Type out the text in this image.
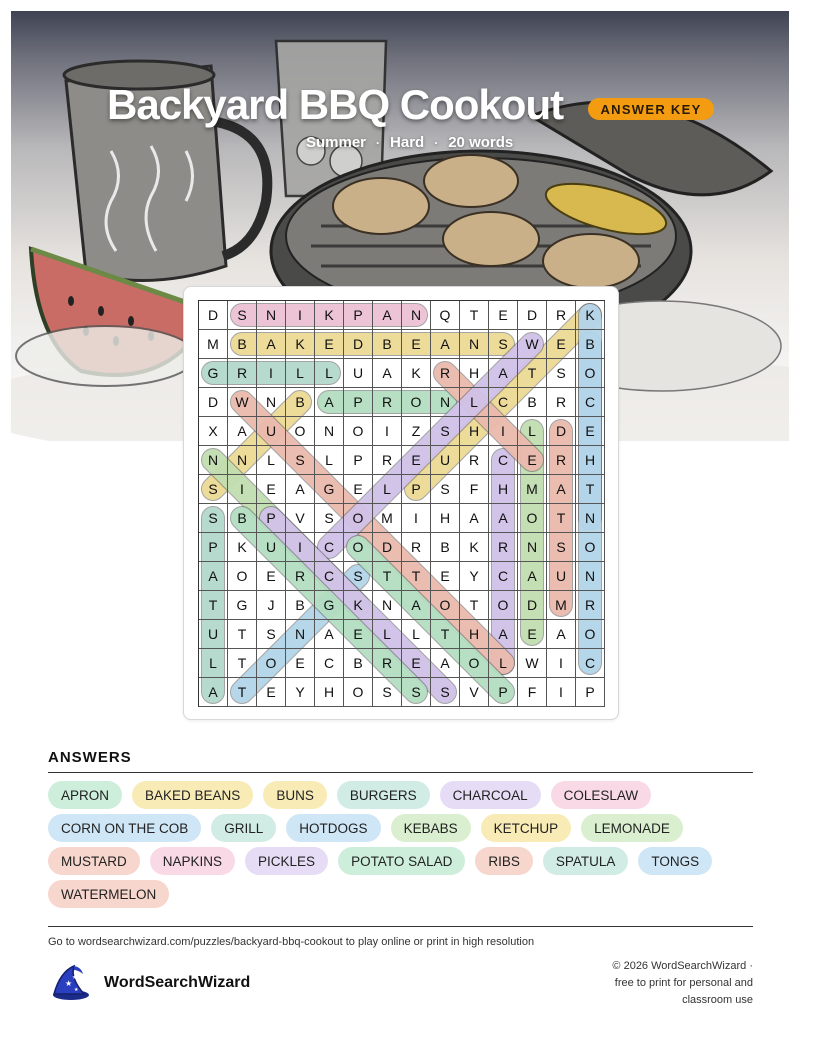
Backyard BBQ Cookout	ANSWER KEY
Summer · Hard · 20 words
D	S	N	I	K	P	A	N	Q	T	E	D	R	K
M	B	A	K	E	D	B	E	A	N	S	W	E	B
G	R	I	L	L	U	A	K	R	H	A	T	S	O
D	W	N	B	A	P	R	O	N	L	C	B	R	C
X	A	U	O	N	O	I	Z	S	H	I	L	D	E
N	N	L	S	L	P	R	E	U	R	C	E	R	H
S	I	E	A	G	E	L	P	S	F	H	M	A	T
S	B	P	V	S	O	M	I	H	A	A	O	T	N
P	K	U	I	C	O	D	R	B	K	R	N	S	O
A	O	E	R	C	S	T	T	E	Y	C	A	U	N
T	G	J	B	G	K	N	A	O	T	O	D	M	R
U	T	S	N	A	E	L	L	T	H	A	E	A	O
L	T	O	E	C	B	R	E	A	O	L	W	I	C
A	T	E	Y	H	O	S	S	S	V	P	F	I	P
ANSWERS
APRON	BAKED BEANS	BUNS	BURGERS	CHARCOAL	COLESLAW
CORN ON THE COB	GRILL	HOTDOGS	KEBABS	KETCHUP	LEMONADE
MUSTARD	NAPKINS	PICKLES	POTATO SALAD	RIBS	SPATULA	TONGS
WATERMELON
Go to wordsearchwizard.com/puzzles/backyard-bbq-cookout to play online or print in high resolution
★
★
★ WordSearchWizard
© 2026 WordSearchWizard ·
free to print for personal and
classroom use
